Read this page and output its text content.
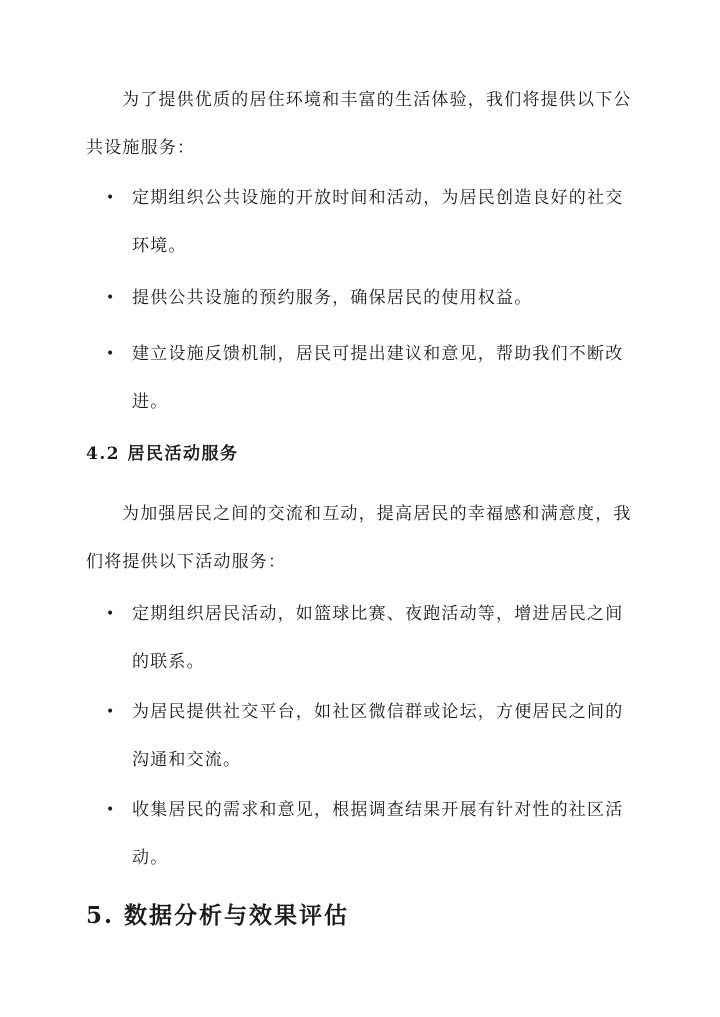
为了提供优质的居住环境和丰富的生活体验，我们将提供以下公共设施服务：

• 定期组织公共设施的开放时间和活动，为居民创造良好的社交环境。
• 提供公共设施的预约服务，确保居民的使用权益。
• 建立设施反馈机制，居民可提出建议和意见，帮助我们不断改进。
4.2 居民活动服务

为加强居民之间的交流和互动，提高居民的幸福感和满意度，我们将提供以下活动服务：

• 定期组织居民活动，如篮球比赛、夜跑活动等，增进居民之间的联系。
• 为居民提供社交平台，如社区微信群或论坛，方便居民之间的沟通和交流。
• 收集居民的需求和意见，根据调查结果开展有针对性的社区活动。
5. 数据分析与效果评估
